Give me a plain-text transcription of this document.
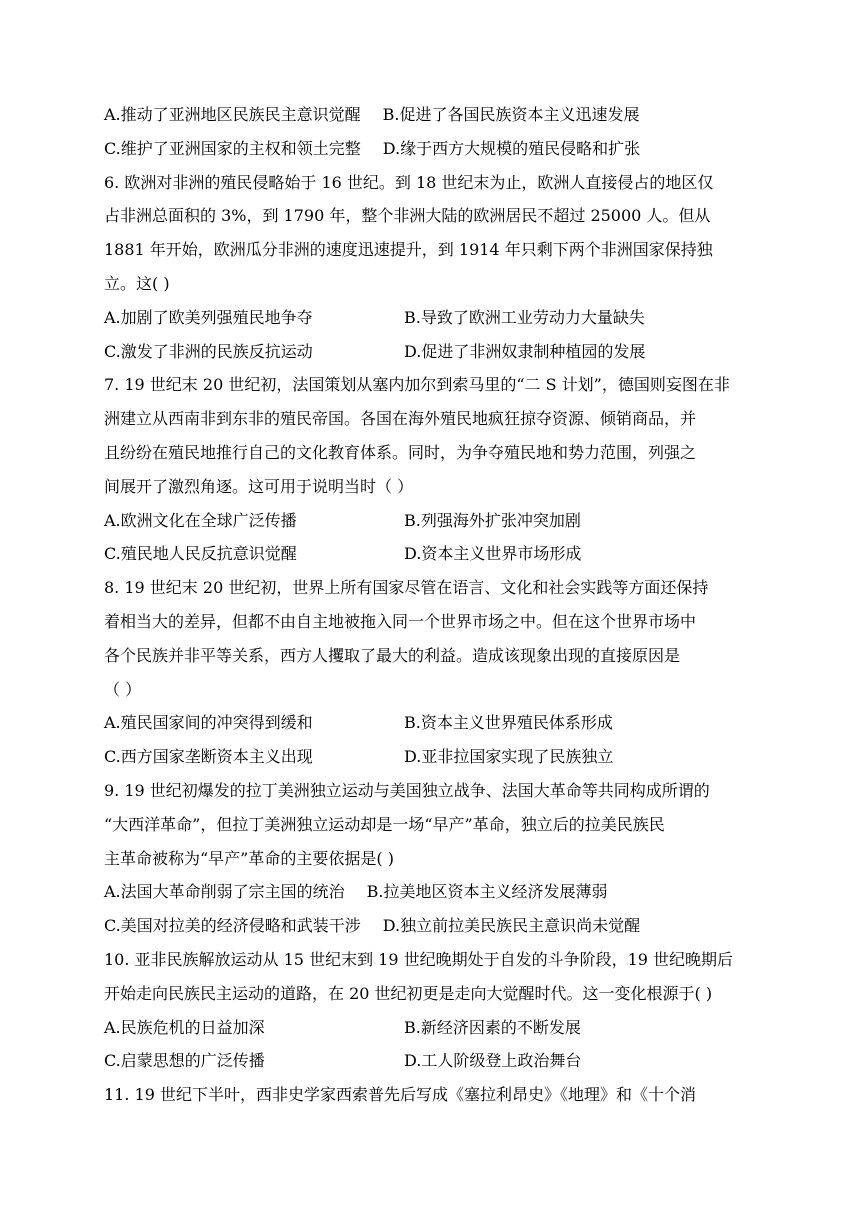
A.推动了亚洲地区民族民主意识觉醒 B.促进了各国民族资本主义迅速发展
C.维护了亚洲国家的主权和领土完整 D.缘于西方大规模的殖民侵略和扩张
6. 欧洲对非洲的殖民侵略始于 16 世纪。到 18 世纪末为止，欧洲人直接侵占的地区仅
占非洲总面积的 3%，到 1790 年，整个非洲大陆的欧洲居民不超过 25000 人。但从
1881 年开始，欧洲瓜分非洲的速度迅速提升，到 1914 年只剩下两个非洲国家保持独
立。这( )
A.加剧了欧美列强殖民地争夺	B.导致了欧洲工业劳动力大量缺失
C.激发了非洲的民族反抗运动	D.促进了非洲奴隶制种植园的发展
7. 19 世纪末 20 世纪初，法国策划从塞内加尔到索马里的“二 S 计划”，德国则妄图在非
洲建立从西南非到东非的殖民帝国。各国在海外殖民地疯狂掠夺资源、倾销商品，并
且纷纷在殖民地推行自己的文化教育体系。同时，为争夺殖民地和势力范围，列强之
间展开了激烈角逐。这可用于说明当时（ ）
A.欧洲文化在全球广泛传播	B.列强海外扩张冲突加剧
C.殖民地人民反抗意识觉醒	D.资本主义世界市场形成
8. 19 世纪末 20 世纪初，世界上所有国家尽管在语言、文化和社会实践等方面还保持
着相当大的差异，但都不由自主地被拖入同一个世界市场之中。但在这个世界市场中
各个民族并非平等关系，西方人攫取了最大的利益。造成该现象出现的直接原因是
（ ）
A.殖民国家间的冲突得到缓和	B.资本主义世界殖民体系形成
C.西方国家垄断资本主义出现	D.亚非拉国家实现了民族独立
9. 19 世纪初爆发的拉丁美洲独立运动与美国独立战争、法国大革命等共同构成所谓的
“大西洋革命”，但拉丁美洲独立运动却是一场“早产”革命，独立后的拉美民族民
主革命被称为“早产”革命的主要依据是( )
A.法国大革命削弱了宗主国的统治 B.拉美地区资本主义经济发展薄弱
C.美国对拉美的经济侵略和武装干涉 D.独立前拉美民族民主意识尚未觉醒
10. 亚非民族解放运动从 15 世纪末到 19 世纪晚期处于自发的斗争阶段，19 世纪晚期后
开始走向民族民主运动的道路，在 20 世纪初更是走向大觉醒时代。这一变化根源于( )
A.民族危机的日益加深	B.新经济因素的不断发展
C.启蒙思想的广泛传播	D.工人阶级登上政治舞台
11. 19 世纪下半叶，西非史学家西索普先后写成《塞拉利昂史》《地理》和《十个消
